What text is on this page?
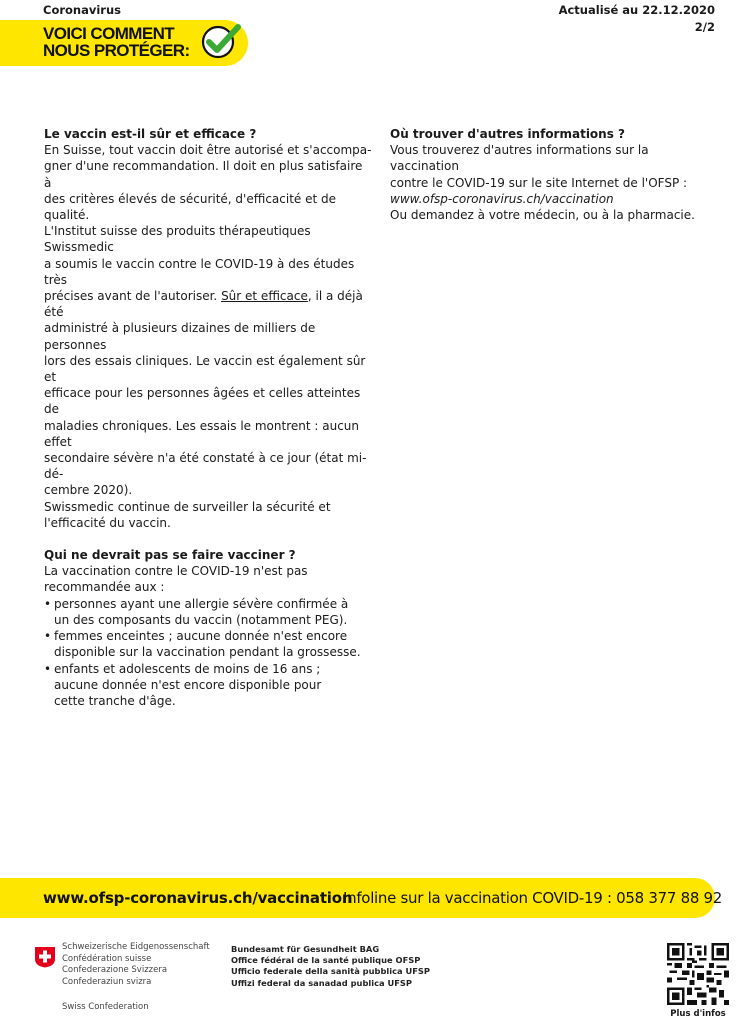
Coronavirus	Actualisé au 22.12.2020
2/2
VOICI COMMENT
NOUS PROTÉGER:
Le vaccin est-il sûr et efficace ?
En Suisse, tout vaccin doit être autorisé et s'accompa-
gner d'une recommandation. Il doit en plus satisfaire à
des critères élevés de sécurité, d'efficacité et de qualité.
L'Institut suisse des produits thérapeutiques Swissmedic
a soumis le vaccin contre le COVID-19 à des études très
précises avant de l'autoriser. Sûr et efficace, il a déjà été
administré à plusieurs dizaines de milliers de personnes
lors des essais cliniques. Le vaccin est également sûr et
efficace pour les personnes âgées et celles atteintes de
maladies chroniques. Les essais le montrent : aucun effet
secondaire sévère n'a été constaté à ce jour (état mi-dé-
cembre 2020).
Swissmedic continue de surveiller la sécurité et
l'efficacité du vaccin.
Qui ne devrait pas se faire vacciner ?
La vaccination contre le COVID-19 n'est pas
recommandée aux :
• personnes ayant une allergie sévère confirmée à
un des composants du vaccin (notamment PEG).
• femmes enceintes ; aucune donnée n'est encore
disponible sur la vaccination pendant la grossesse.
• enfants et adolescents de moins de 16 ans ;
aucune donnée n'est encore disponible pour
cette tranche d'âge.
Où trouver d'autres informations ?
Vous trouverez d'autres informations sur la vaccination
contre le COVID-19 sur le site Internet de l'OFSP :
www.ofsp-coronavirus.ch/vaccination
Ou demandez à votre médecin, ou à la pharmacie.
www.ofsp-coronavirus.ch/vaccination
Infoline sur la vaccination COVID-19 : 058 377 88 92
Schweizerische Eidgenossenschaft
Confédération suisse
Confederazione Svizzera
Confederaziun svizra
Swiss Confederation
Bundesamt für Gesundheit BAG
Office fédéral de la santé publique OFSP
Ufficio federale della sanità pubblica UFSP
Uffizi federal da sanadad publica UFSP
Plus d'infos
